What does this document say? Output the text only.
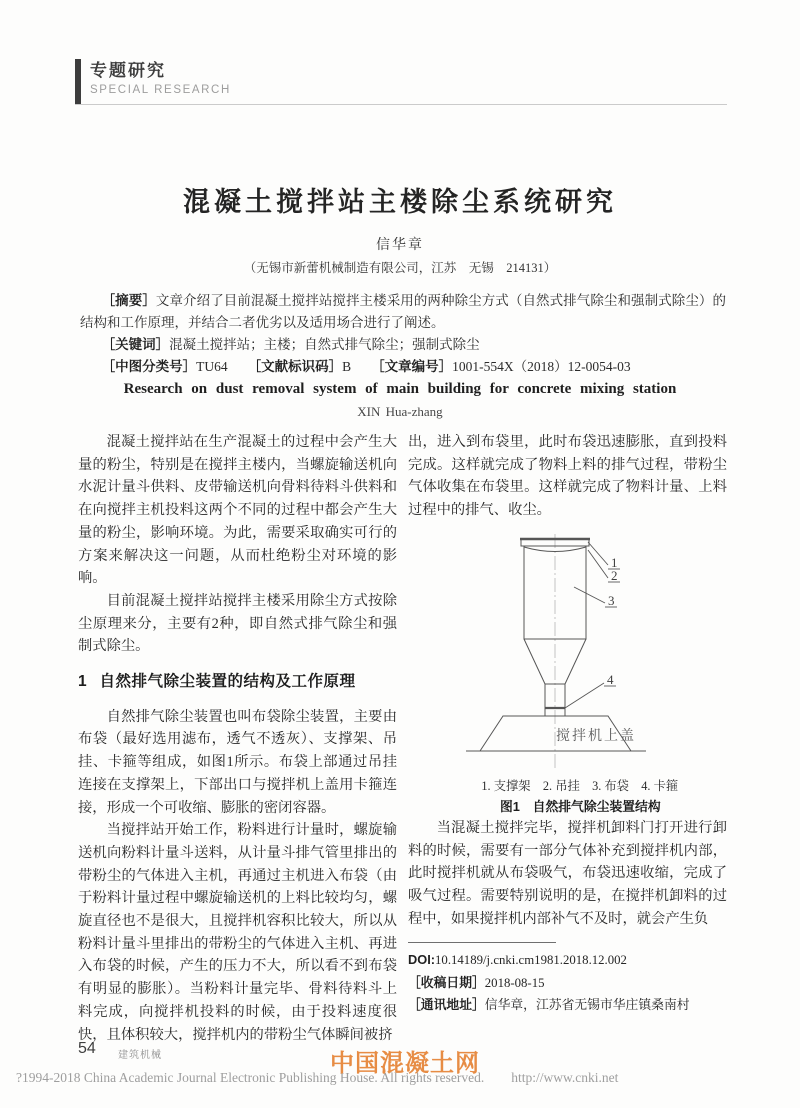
专题研究
SPECIAL RESEARCH
混凝土搅拌站主楼除尘系统研究
信华章
（无锡市新蕾机械制造有限公司，江苏　无锡　214131）

［摘要］文章介绍了目前混凝土搅拌站搅拌主楼采用的两种除尘方式（自然式排气除尘和强制式除尘）的结构和工作原理，并结合二者优劣以及适用场合进行了阐述。

［关键词］混凝土搅拌站；主楼；自然式排气除尘；强制式除尘

［中图分类号］TU64 ［文献标识码］B ［文章编号］1001-554X（2018）12-0054-03

Research on dust removal system of main building for concrete mixing station
XIN Hua-zhang

混凝土搅拌站在生产混凝土的过程中会产生大量的粉尘，特别是在搅拌主楼内，当螺旋输送机向水泥计量斗供料、皮带输送机向骨料待料斗供料和在向搅拌主机投料这两个不同的过程中都会产生大量的粉尘，影响环境。为此，需要采取确实可行的方案来解决这一问题，从而杜绝粉尘对环境的影响。

目前混凝土搅拌站搅拌主楼采用除尘方式按除尘原理来分，主要有2种，即自然式排气除尘和强制式除尘。

1 自然排气除尘装置的结构及工作原理

自然排气除尘装置也叫布袋除尘装置，主要由布袋（最好选用滤布，透气不透灰）、支撑架、吊挂、卡箍等组成，如图1所示。布袋上部通过吊挂连接在支撑架上，下部出口与搅拌机上盖用卡箍连接，形成一个可收缩、膨胀的密闭容器。

当搅拌站开始工作，粉料进行计量时，螺旋输送机向粉料计量斗送料，从计量斗排气管里排出的带粉尘的气体进入主机，再通过主机进入布袋（由于粉料计量过程中螺旋输送机的上料比较均匀，螺旋直径也不是很大，且搅拌机容积比较大，所以从粉料计量斗里排出的带粉尘的气体进入主机、再进入布袋的时候，产生的压力不大，所以看不到布袋有明显的膨胀）。当粉料计量完毕、骨料待料斗上料完成，向搅拌机投料的时候，由于投料速度很快，且体积较大，搅拌机内的带粉尘气体瞬间被挤

出，进入到布袋里，此时布袋迅速膨胀，直到投料完成。这样就完成了物料上料的排气过程，带粉尘气体收集在布袋里。这样就完成了物料计量、上料过程中的排气、收尘。

1
2
3
4
搅拌机上盖

1. 支撑架　2. 吊挂　3. 布袋　4. 卡箍

图1　自然排气除尘装置结构

当混凝土搅拌完毕，搅拌机卸料门打开进行卸料的时候，需要有一部分气体补充到搅拌机内部，此时搅拌机就从布袋吸气，布袋迅速收缩，完成了吸气过程。需要特别说明的是，在搅拌机卸料的过程中，如果搅拌机内部补气不及时，就会产生负

DOI:10.14189/j.cnki.cm1981.2018.12.002
［收稿日期］2018-08-15
［通讯地址］信华章，江苏省无锡市华庄镇桑南村
54 建筑机械
?1994-2018 China Academic Journal Electronic Publishing House. All rights reserved.　　http://www.cnki.net
中国混凝土网
